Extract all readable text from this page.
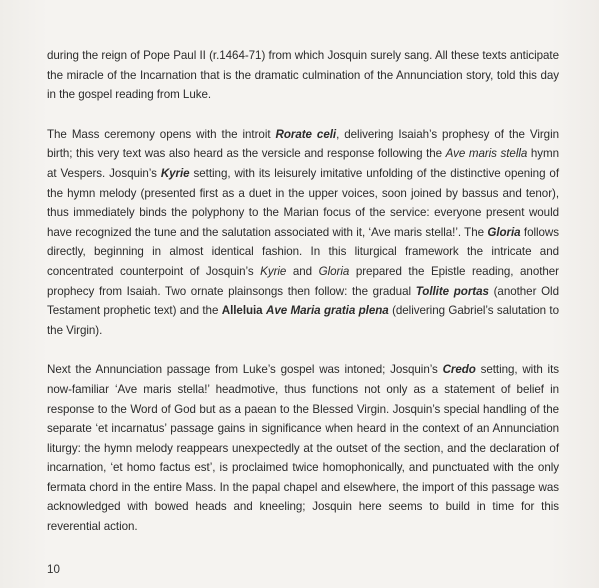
during the reign of Pope Paul II (r.1464-71) from which Josquin surely sang. All these texts anticipate the miracle of the Incarnation that is the dramatic culmination of the Annunciation story, told this day in the gospel reading from Luke.

The Mass ceremony opens with the introit Rorate celi, delivering Isaiah’s prophesy of the Virgin birth; this very text was also heard as the versicle and response following the Ave maris stella hymn at Vespers. Josquin’s Kyrie setting, with its leisurely imitative unfolding of the distinctive opening of the hymn melody (presented first as a duet in the upper voices, soon joined by bassus and tenor), thus immediately binds the polyphony to the Marian focus of the service: everyone present would have recognized the tune and the salutation associated with it, ‘Ave maris stella!’. The Gloria follows directly, beginning in almost identical fashion. In this liturgical framework the intricate and concentrated counterpoint of Josquin’s Kyrie and Gloria prepared the Epistle reading, another prophecy from Isaiah. Two ornate plainsongs then follow: the gradual Tollite portas (another Old Testament prophetic text) and the Alleluia Ave Maria gratia plena (delivering Gabriel’s salutation to the Virgin).

Next the Annunciation passage from Luke’s gospel was intoned; Josquin’s Credo setting, with its now-familiar ‘Ave maris stella!’ headmotive, thus functions not only as a statement of belief in response to the Word of God but as a paean to the Blessed Virgin. Josquin’s special handling of the separate ‘et incarnatus’ passage gains in significance when heard in the context of an Annunciation liturgy: the hymn melody reappears unexpectedly at the outset of the section, and the declaration of incarnation, ‘et homo factus est’, is proclaimed twice homophonically, and punctuated with the only fermata chord in the entire Mass. In the papal chapel and elsewhere, the import of this passage was acknowledged with bowed heads and kneeling; Josquin here seems to build in time for this reverential action.

10
